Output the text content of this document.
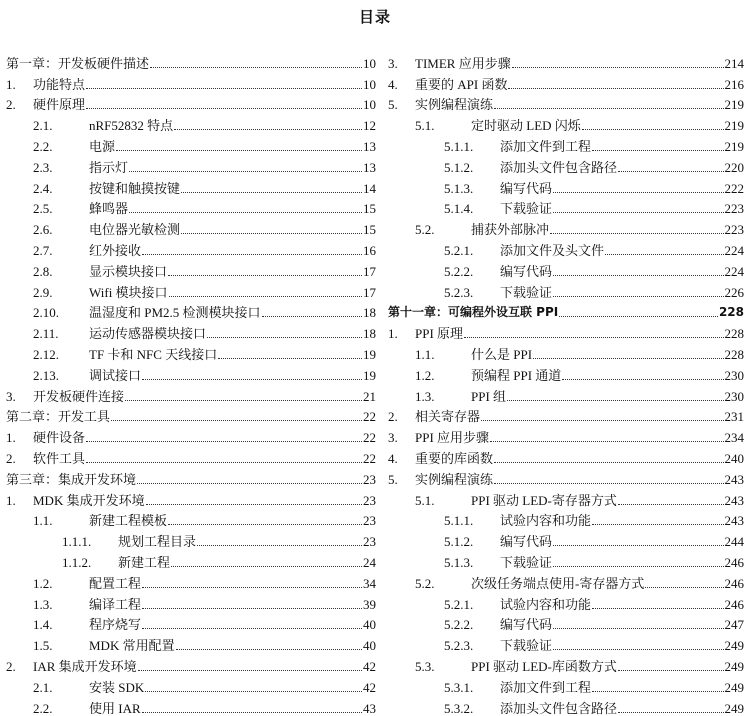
目录
第一章：开发板硬件描述	10
1.	功能特点	10
2.	硬件原理	10
2.1.	nRF52832 特点	12
2.2.	电源	13
2.3.	指示灯	13
2.4.	按键和触摸按键	14
2.5.	蜂鸣器	15
2.6.	电位器光敏检测	15
2.7.	红外接收	16
2.8.	显示模块接口	17
2.9.	Wifi 模块接口	17
2.10.	温湿度和 PM2.5 检测模块接口	18
2.11.	运动传感器模块接口	18
2.12.	TF 卡和 NFC 天线接口	19
2.13.	调试接口	19
3.	开发板硬件连接	21
第二章：开发工具	22
1.	硬件设备	22
2.	软件工具	22
第三章：集成开发环境	23
1.	MDK 集成开发环境	23
1.1.	新建工程模板	23
1.1.1.	规划工程目录	23
1.1.2.	新建工程	24
1.2.	配置工程	34
1.3.	编译工程	39
1.4.	程序烧写	40
1.5.	MDK 常用配置	40
2.	IAR 集成开发环境	42
2.1.	安装 SDK	42
2.2.	使用 IAR	43
3.	TIMER 应用步骤	214
4.	重要的 API 函数	216
5.	实例编程演练	219
5.1.	定时驱动 LED 闪烁	219
5.1.1.	添加文件到工程	219
5.1.2.	添加头文件包含路径	220
5.1.3.	编写代码	222
5.1.4.	下载验证	223
5.2.	捕获外部脉冲	223
5.2.1.	添加文件及头文件	224
5.2.2.	编写代码	224
5.2.3.	下载验证	226
第十一章：可编程外设互联 PPI	228
1.	PPI 原理	228
1.1.	什么是 PPI	228
1.2.	预编程 PPI 通道	230
1.3.	PPI 组	230
2.	相关寄存器	231
3.	PPI 应用步骤	234
4.	重要的库函数	240
5.	实例编程演练	243
5.1.	PPI 驱动 LED-寄存器方式	243
5.1.1.	试验内容和功能	243
5.1.2.	编写代码	244
5.1.3.	下载验证	246
5.2.	次级任务端点使用-寄存器方式	246
5.2.1.	试验内容和功能	246
5.2.2.	编写代码	247
5.2.3.	下载验证	249
5.3.	PPI 驱动 LED-库函数方式	249
5.3.1.	添加文件到工程	249
5.3.2.	添加头文件包含路径	249
